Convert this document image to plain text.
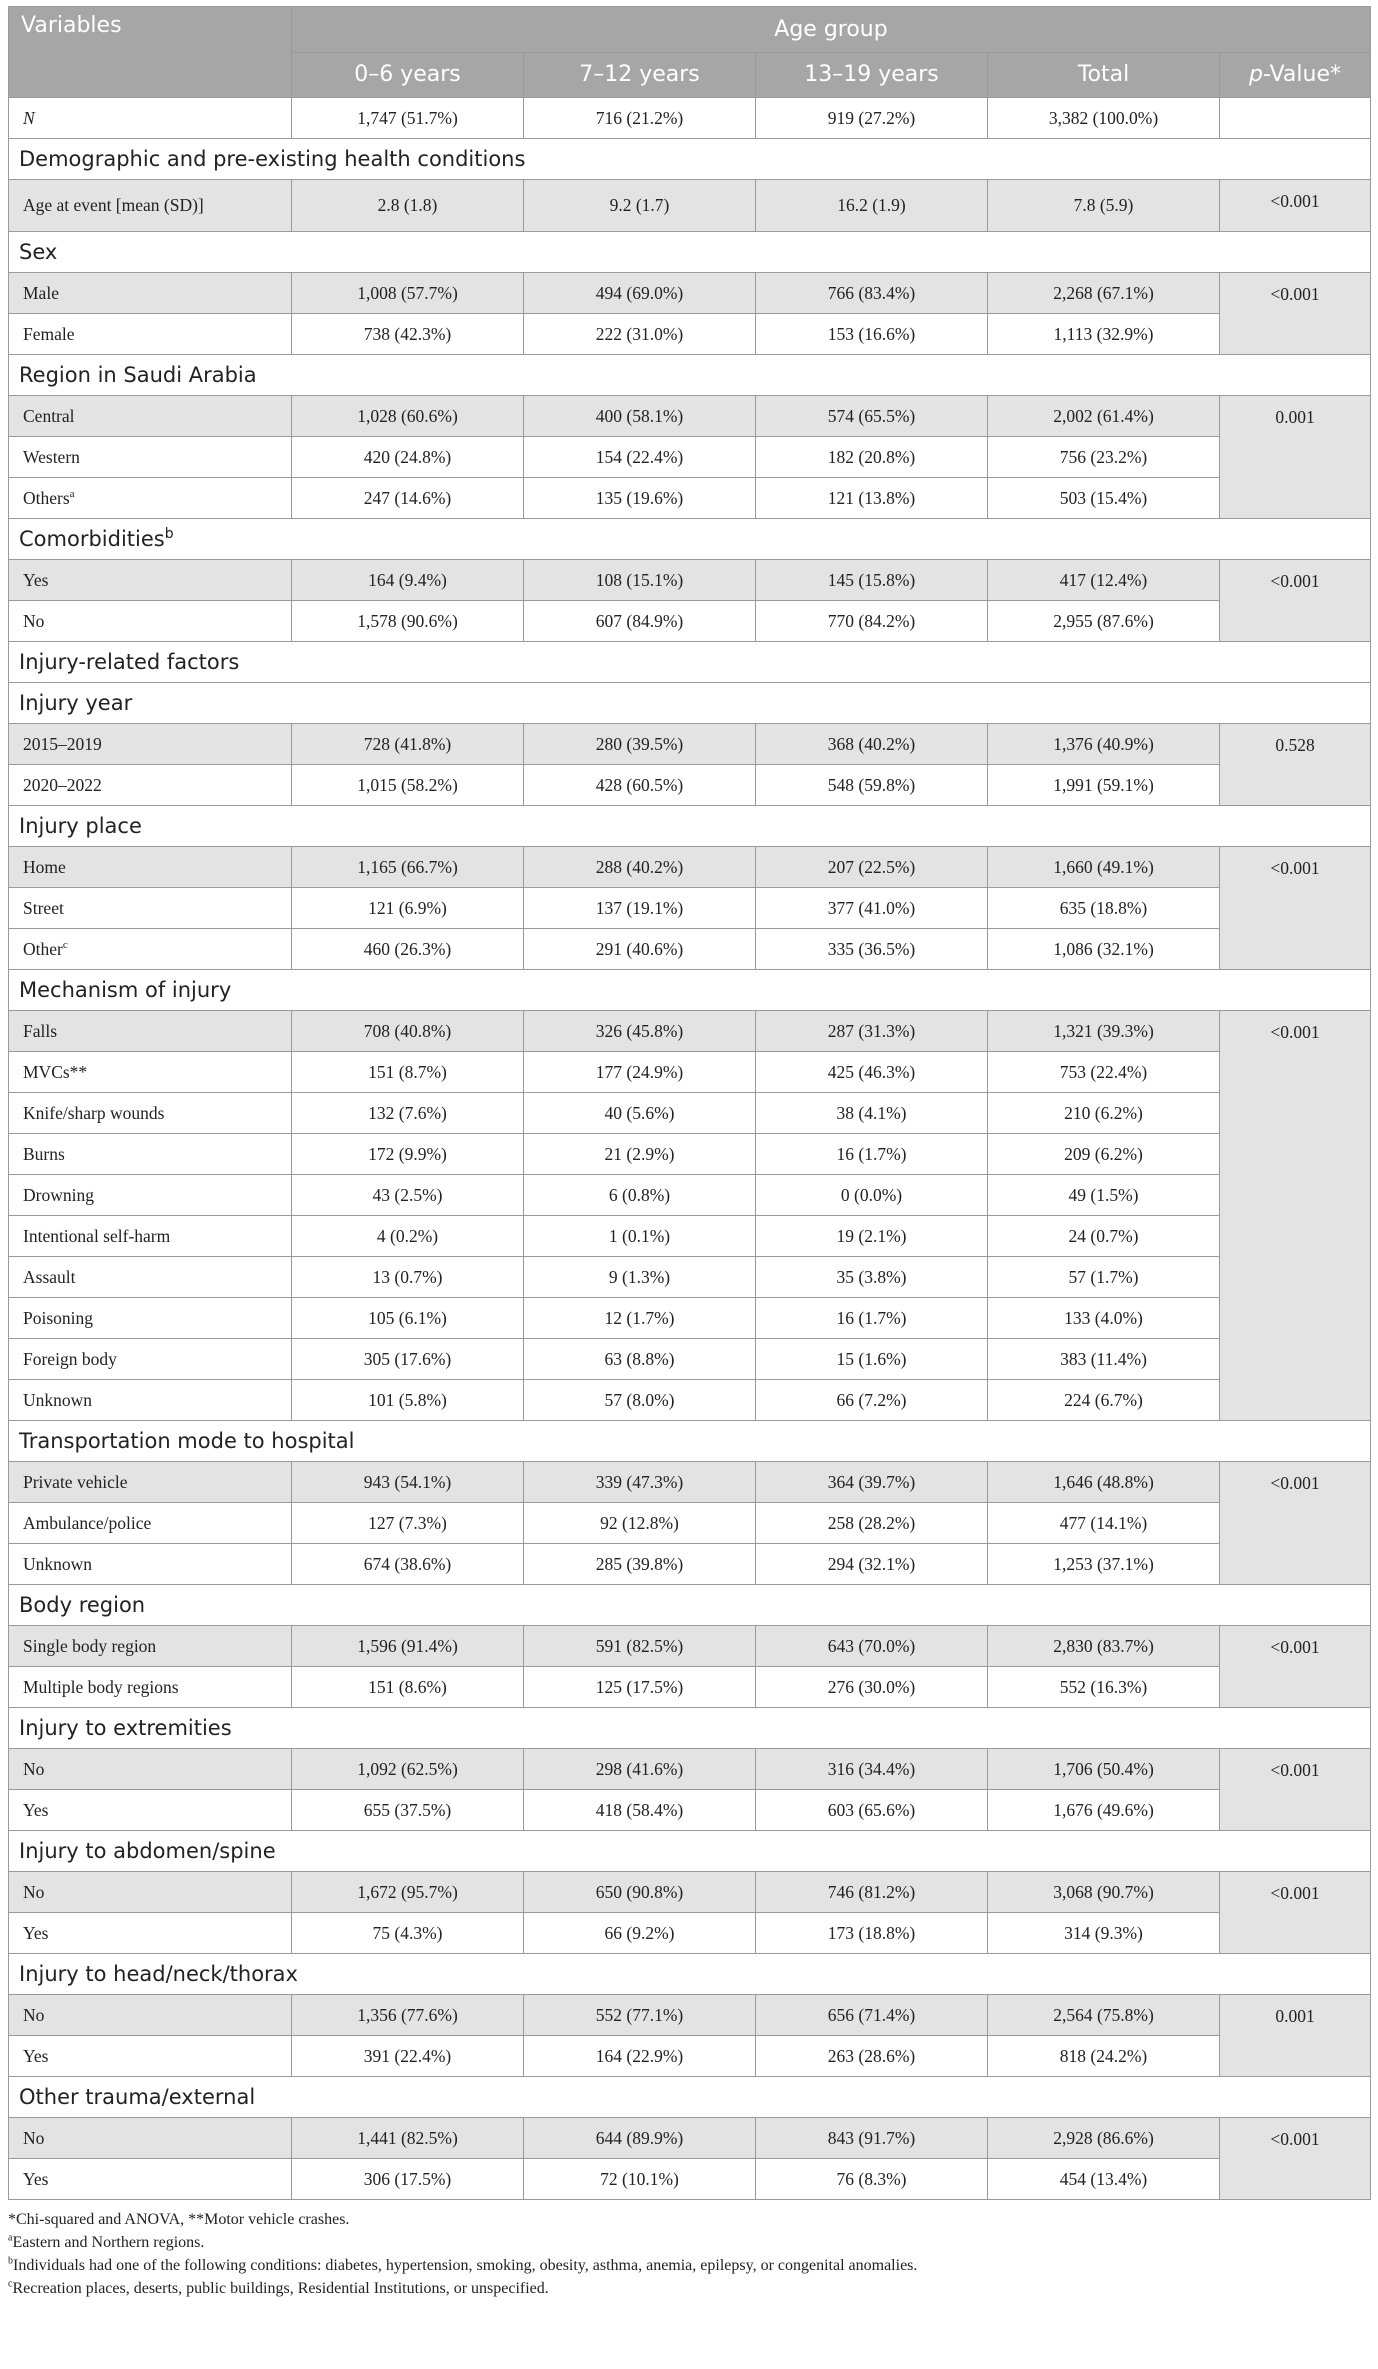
Variables	Age group				
	0–6 years	7–12 years	13–19 years	Total	p-Value*
N	1,747 (51.7%)	716 (21.2%)	919 (27.2%)	3,382 (100.0%)	
Demographic and pre-existing health conditions					
Age at event [mean (SD)]	2.8 (1.8)	9.2 (1.7)	16.2 (1.9)	7.8 (5.9)	<0.001
Sex					
Male	1,008 (57.7%)	494 (69.0%)	766 (83.4%)	2,268 (67.1%)	<0.001
Female	738 (42.3%)	222 (31.0%)	153 (16.6%)	1,113 (32.9%)	
Region in Saudi Arabia					
Central	1,028 (60.6%)	400 (58.1%)	574 (65.5%)	2,002 (61.4%)	0.001
Western	420 (24.8%)	154 (22.4%)	182 (20.8%)	756 (23.2%)	
Others$^a$	247 (14.6%)	135 (19.6%)	121 (13.8%)	503 (15.4%)	
Comorbidities$^b$
Yes	164 (9.4%)	108 (15.1%)	145 (15.8%)	417 (12.4%)	<0.001
No	1,578 (90.6%)	607 (84.9%)	770 (84.2%)	2,955 (87.6%)	
Injury-related factors					
Injury year					
2015–2019	728 (41.8%)	280 (39.5%)	368 (40.2%)	1,376 (40.9%)	0.528
2020–2022	1,015 (58.2%)	428 (60.5%)	548 (59.8%)	1,991 (59.1%)	
Injury place					
Home	1,165 (66.7%)	288 (40.2%)	207 (22.5%)	1,660 (49.1%)	<0.001
Street	121 (6.9%)	137 (19.1%)	377 (41.0%)	635 (18.8%)	
Other$^c$	460 (26.3%)	291 (40.6%)	335 (36.5%)	1,086 (32.1%)	
Mechanism of injury					
Falls	708 (40.8%)	326 (45.8%)	287 (31.3%)	1,321 (39.3%)	<0.001
MVCs**	151 (8.7%)	177 (24.9%)	425 (46.3%)	753 (22.4%)	
Knife/sharp wounds	132 (7.6%)	40 (5.6%)	38 (4.1%)	210 (6.2%)	
Burns	172 (9.9%)	21 (2.9%)	16 (1.7%)	209 (6.2%)	
Drowning	43 (2.5%)	6 (0.8%)	0 (0.0%)	49 (1.5%)	
Intentional self-harm	4 (0.2%)	1 (0.1%)	19 (2.1%)	24 (0.7%)	
Assault	13 (0.7%)	9 (1.3%)	35 (3.8%)	57 (1.7%)	
Poisoning	105 (6.1%)	12 (1.7%)	16 (1.7%)	133 (4.0%)	
Foreign body	305 (17.6%)	63 (8.8%)	15 (1.6%)	383 (11.4%)	
Unknown	101 (5.8%)	57 (8.0%)	66 (7.2%)	224 (6.7%)	
Transportation mode to hospital					
Private vehicle	943 (54.1%)	339 (47.3%)	364 (39.7%)	1,646 (48.8%)	<0.001
Ambulance/police	127 (7.3%)	92 (12.8%)	258 (28.2%)	477 (14.1%)	
Unknown	674 (38.6%)	285 (39.8%)	294 (32.1%)	1,253 (37.1%)	
Body region					
Single body region	1,596 (91.4%)	591 (82.5%)	643 (70.0%)	2,830 (83.7%)	<0.001
Multiple body regions	151 (8.6%)	125 (17.5%)	276 (30.0%)	552 (16.3%)	
Injury to extremities					
No	1,092 (62.5%)	298 (41.6%)	316 (34.4%)	1,706 (50.4%)	<0.001
Yes	655 (37.5%)	418 (58.4%)	603 (65.6%)	1,676 (49.6%)	
Injury to abdomen/spine					
No	1,672 (95.7%)	650 (90.8%)	746 (81.2%)	3,068 (90.7%)	<0.001
Yes	75 (4.3%)	66 (9.2%)	173 (18.8%)	314 (9.3%)	
Injury to head/neck/thorax					
No	1,356 (77.6%)	552 (77.1%)	656 (71.4%)	2,564 (75.8%)	0.001
Yes	391 (22.4%)	164 (22.9%)	263 (28.6%)	818 (24.2%)	
Other trauma/external					
No	1,441 (82.5%)	644 (89.9%)	843 (91.7%)	2,928 (86.6%)	<0.001
Yes	306 (17.5%)	72 (10.1%)	76 (8.3%)	454 (13.4%)	
*Chi-squared and ANOVA, **Motor vehicle crashes.
$^a$Eastern and Northern regions.
$^b$Individuals had one of the following conditions: diabetes, hypertension, smoking, obesity, asthma, anemia, epilepsy, or congenital anomalies.
$^c$Recreation places, deserts, public buildings, Residential Institutions, or unspecified.
